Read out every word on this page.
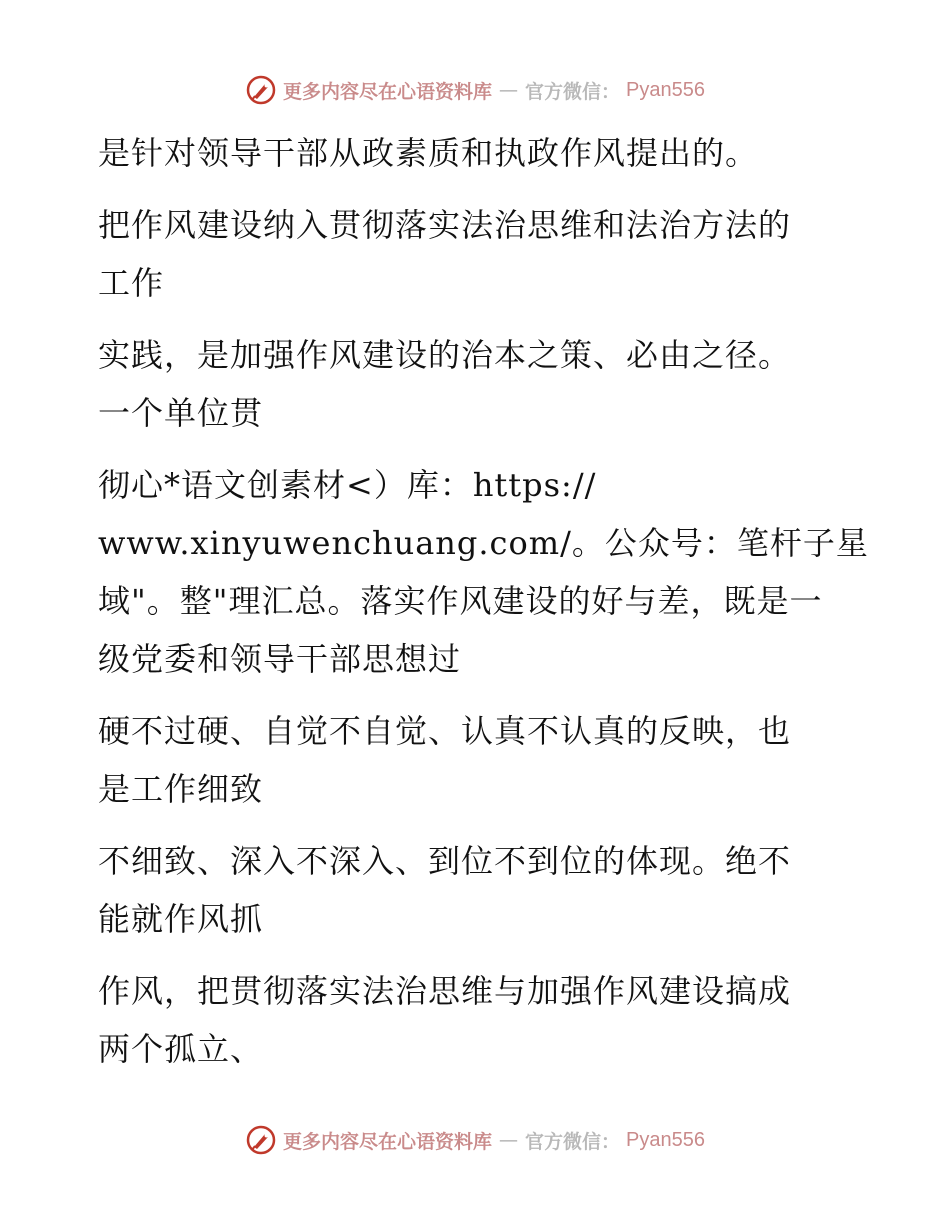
更多内容尽在心语资料库 — 官方微信： Pyan556

是针对领导干部从政素质和执政作风提出的。

把作风建设纳入贯彻落实法治思维和法治方法的
工作

实践，是加强作风建设的治本之策、必由之径。
一个单位贯

彻心*语文创素材<）库：https://
www.xinyuwenchuang.com/。公众号：笔杆子星
域"。整"理汇总。落实作风建设的好与差，既是一
级党委和领导干部思想过

硬不过硬、自觉不自觉、认真不认真的反映，也
是工作细致

不细致、深入不深入、到位不到位的体现。绝不
能就作风抓

作风，把贯彻落实法治思维与加强作风建设搞成
两个孤立、

更多内容尽在心语资料库 — 官方微信： Pyan556
